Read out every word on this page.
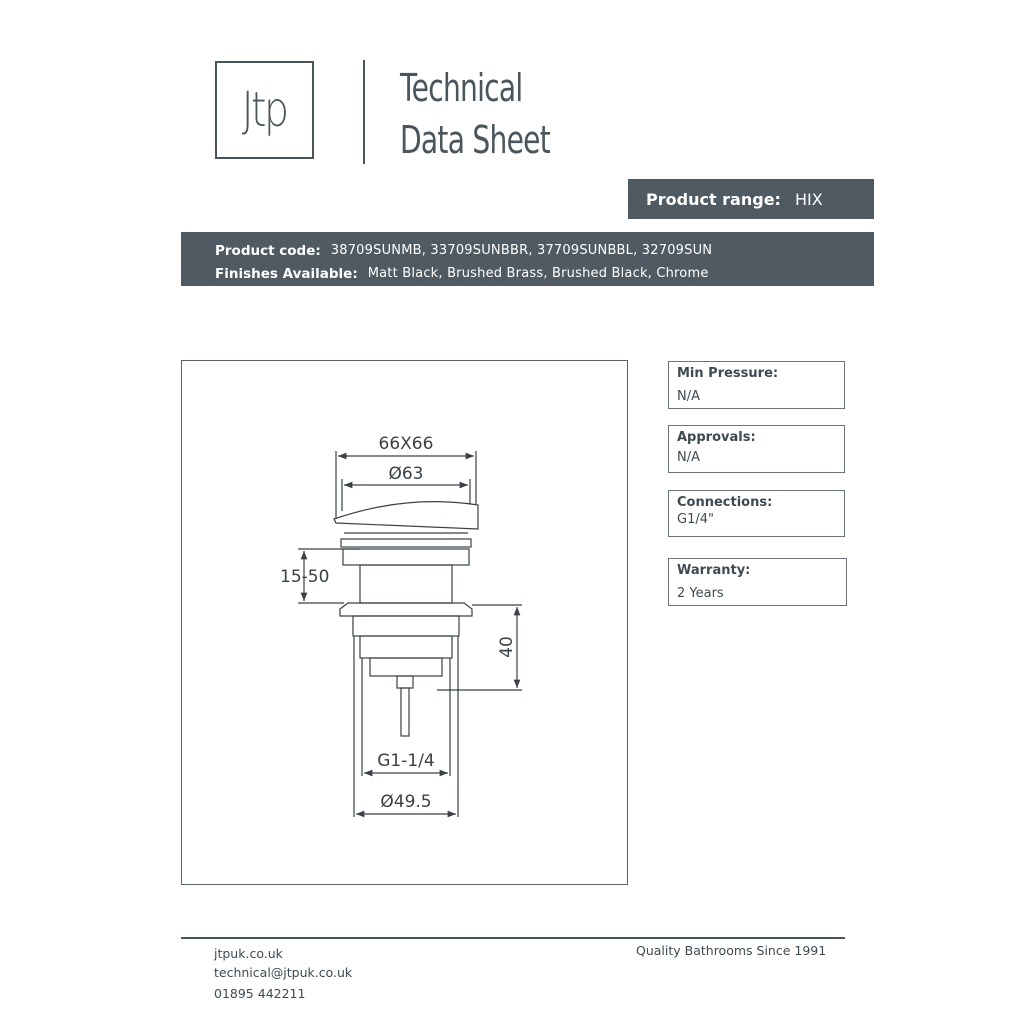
Jtp	Technical
Data Sheet
Product range: HIX
Product code: 38709SUNMB, 33709SUNBBR, 37709SUNBBL, 32709SUN
Finishes Available: Matt Black, Brushed Brass, Brushed Black, Chrome
66X66
Ø63
15-50
40
G1-1/4
Ø49.5
Min Pressure:
N/A
Approvals:
N/A
Connections:
G1/4"
Warranty:
2 Years
jtpuk.co.uk
technical@jtpuk.co.uk
01895 442211
Quality Bathrooms Since 1991
